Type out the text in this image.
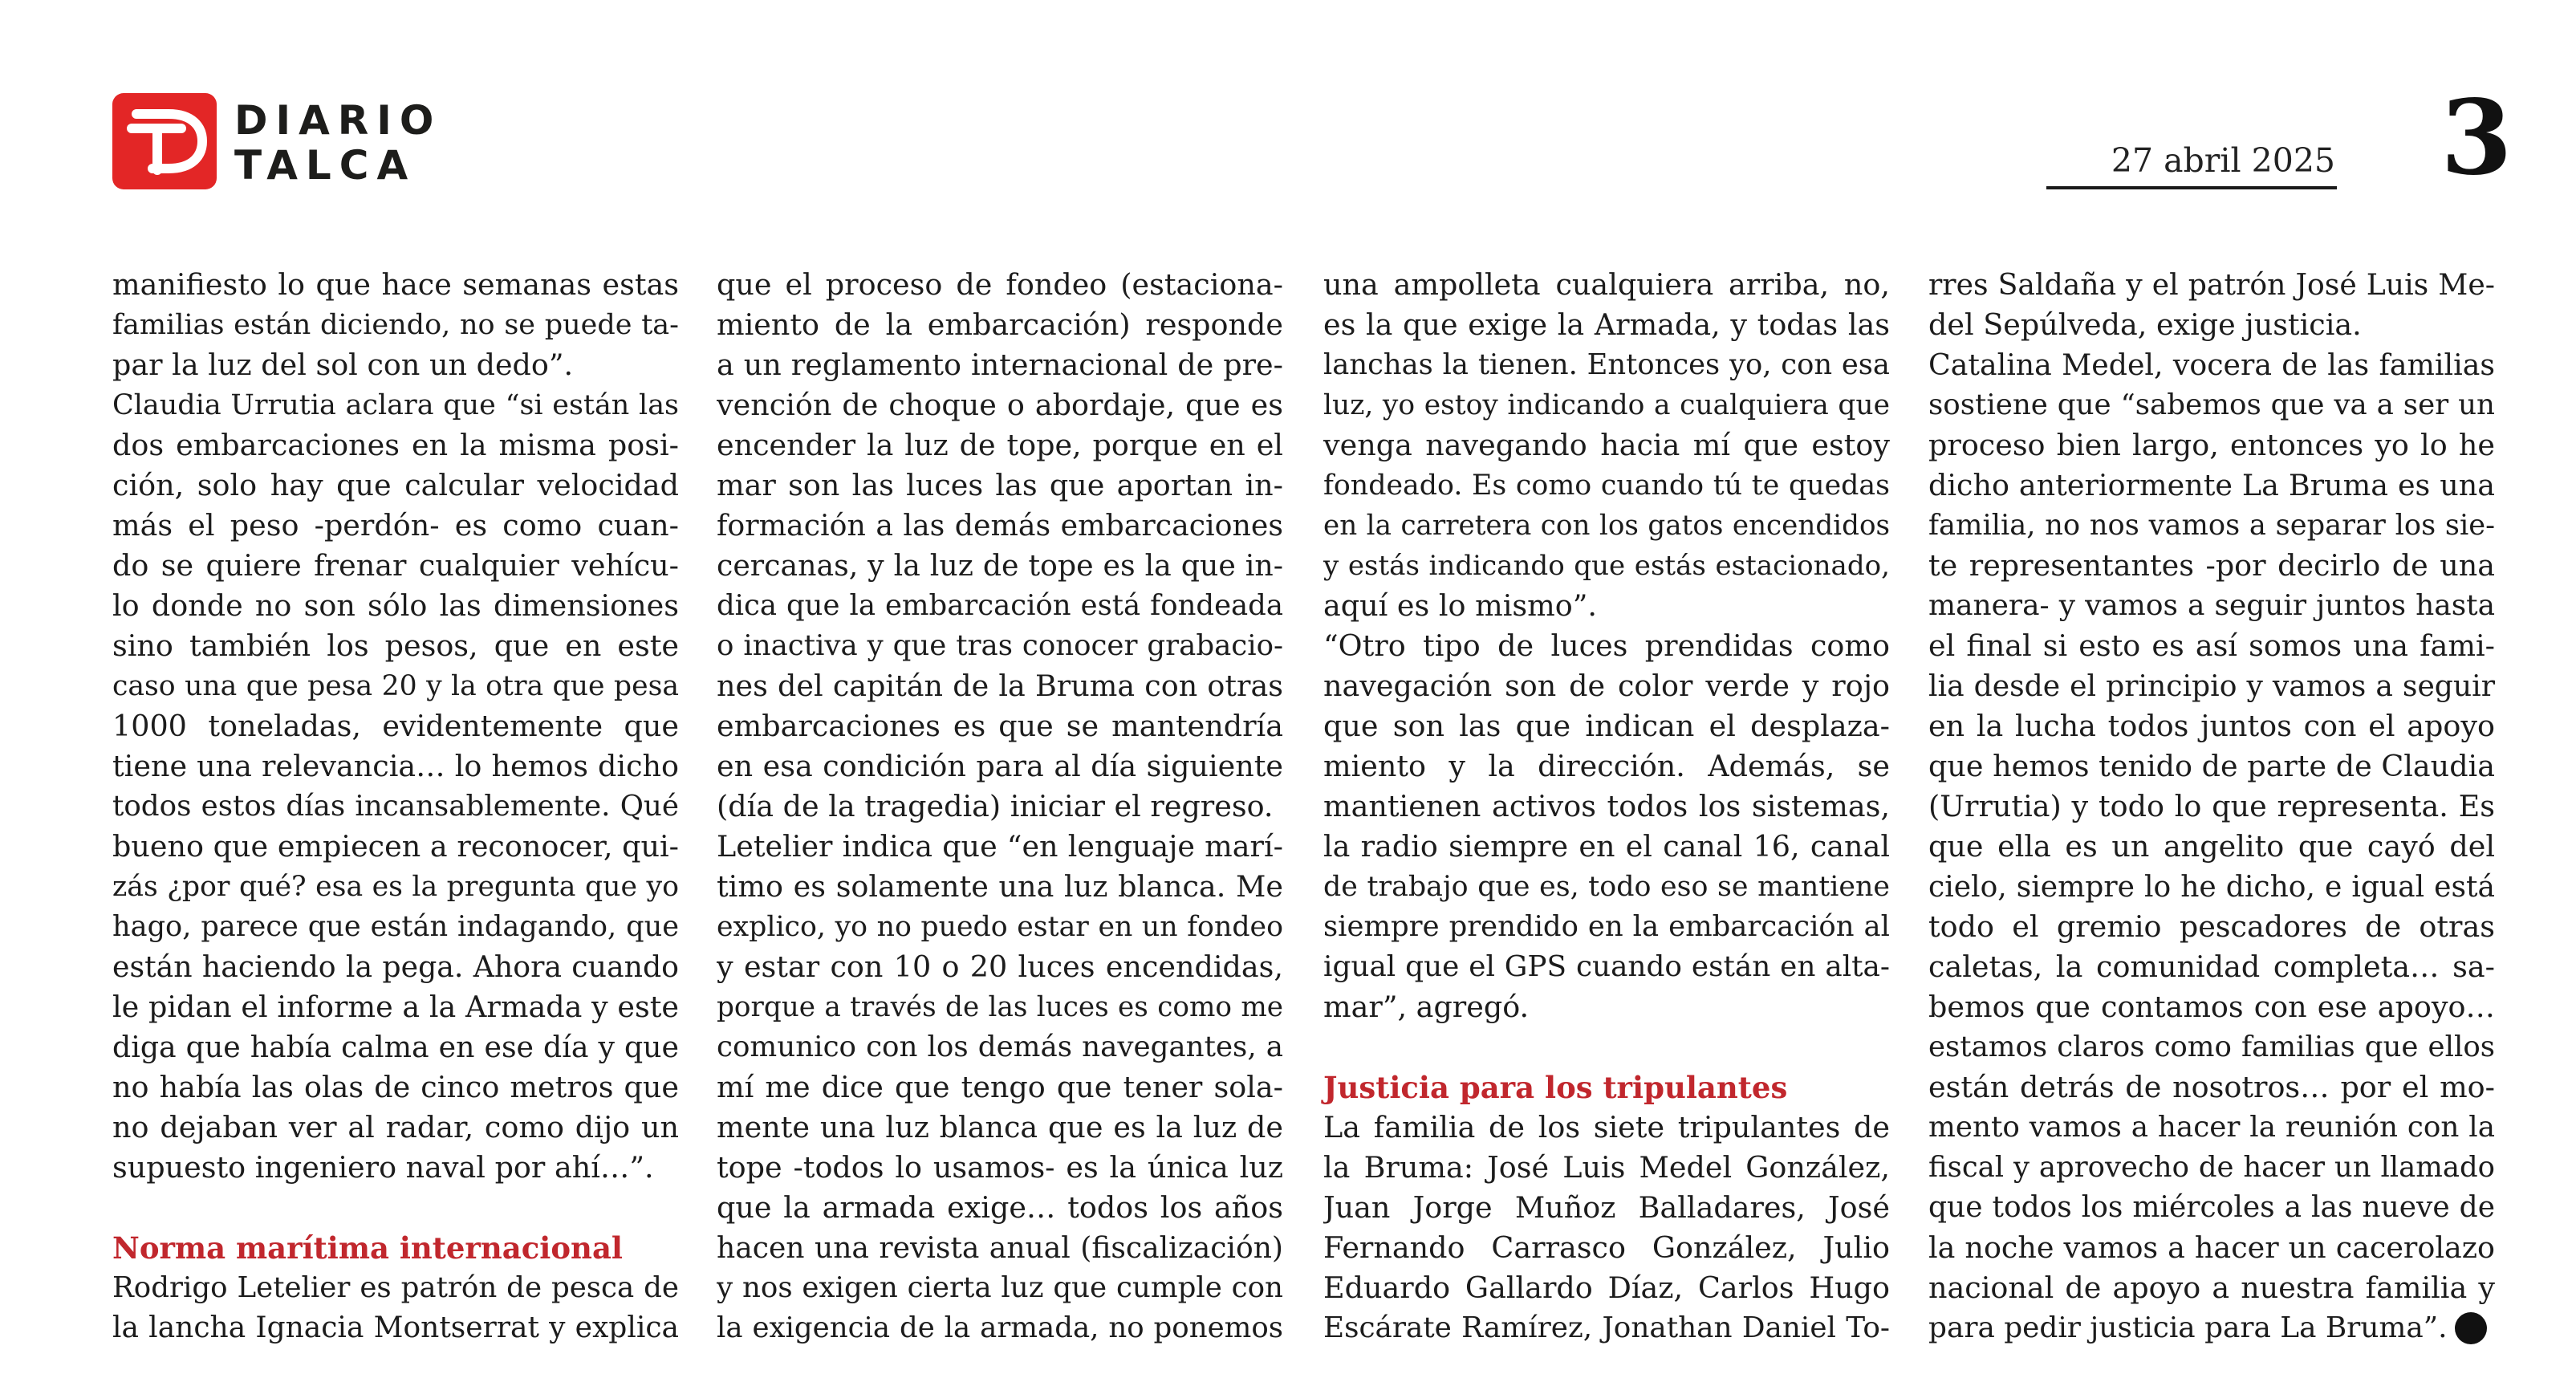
DIARIO
TALCA	27 abril 2025 3
manifiesto lo que hace semanas estas
familias están diciendo, no se puede ta-
par la luz del sol con un dedo”.
Claudia Urrutia aclara que “si están las
dos embarcaciones en la misma posi-
ción, solo hay que calcular velocidad
más el peso -perdón- es como cuan-
do se quiere frenar cualquier vehícu-
lo donde no son sólo las dimensiones
sino también los pesos, que en este
caso una que pesa 20 y la otra que pesa
1000 toneladas, evidentemente que
tiene una relevancia… lo hemos dicho
todos estos días incansablemente. Qué
bueno que empiecen a reconocer, qui-
zás ¿por qué? esa es la pregunta que yo
hago, parece que están indagando, que
están haciendo la pega. Ahora cuando
le pidan el informe a la Armada y este
diga que había calma en ese día y que
no había las olas de cinco metros que
no dejaban ver al radar, como dijo un
supuesto ingeniero naval por ahí…”.
Norma marítima internacional
Rodrigo Letelier es patrón de pesca de
la lancha Ignacia Montserrat y explica
que el proceso de fondeo (estaciona-
miento de la embarcación) responde
a un reglamento internacional de pre-
vención de choque o abordaje, que es
encender la luz de tope, porque en el
mar son las luces las que aportan in-
formación a las demás embarcaciones
cercanas, y la luz de tope es la que in-
dica que la embarcación está fondeada
o inactiva y que tras conocer grabacio-
nes del capitán de la Bruma con otras
embarcaciones es que se mantendría
en esa condición para al día siguiente
(día de la tragedia) iniciar el regreso.
Letelier indica que “en lenguaje marí-
timo es solamente una luz blanca. Me
explico, yo no puedo estar en un fondeo
y estar con 10 o 20 luces encendidas,
porque a través de las luces es como me
comunico con los demás navegantes, a
mí me dice que tengo que tener sola-
mente una luz blanca que es la luz de
tope -todos lo usamos- es la única luz
que la armada exige… todos los años
hacen una revista anual (fiscalización)
y nos exigen cierta luz que cumple con
la exigencia de la armada, no ponemos
una ampolleta cualquiera arriba, no,
es la que exige la Armada, y todas las
lanchas la tienen. Entonces yo, con esa
luz, yo estoy indicando a cualquiera que
venga navegando hacia mí que estoy
fondeado. Es como cuando tú te quedas
en la carretera con los gatos encendidos
y estás indicando que estás estacionado,
aquí es lo mismo”.
“Otro tipo de luces prendidas como
navegación son de color verde y rojo
que son las que indican el desplaza-
miento y la dirección. Además, se
mantienen activos todos los sistemas,
la radio siempre en el canal 16, canal
de trabajo que es, todo eso se mantiene
siempre prendido en la embarcación al
igual que el GPS cuando están en alta-
mar”, agregó.
Justicia para los tripulantes
La familia de los siete tripulantes de
la Bruma: José Luis Medel González,
Juan Jorge Muñoz Balladares, José
Fernando Carrasco González, Julio
Eduardo Gallardo Díaz, Carlos Hugo
Escárate Ramírez, Jonathan Daniel To-
rres Saldaña y el patrón José Luis Me-
del Sepúlveda, exige justicia.
Catalina Medel, vocera de las familias
sostiene que “sabemos que va a ser un
proceso bien largo, entonces yo lo he
dicho anteriormente La Bruma es una
familia, no nos vamos a separar los sie-
te representantes -por decirlo de una
manera- y vamos a seguir juntos hasta
el final si esto es así somos una fami-
lia desde el principio y vamos a seguir
en la lucha todos juntos con el apoyo
que hemos tenido de parte de Claudia
(Urrutia) y todo lo que representa. Es
que ella es un angelito que cayó del
cielo, siempre lo he dicho, e igual está
todo el gremio pescadores de otras
caletas, la comunidad completa… sa-
bemos que contamos con ese apoyo…
estamos claros como familias que ellos
están detrás de nosotros… por el mo-
mento vamos a hacer la reunión con la
fiscal y aprovecho de hacer un llamado
que todos los miércoles a las nueve de
la noche vamos a hacer un cacerolazo
nacional de apoyo a nuestra familia y
para pedir justicia para La Bruma”.
